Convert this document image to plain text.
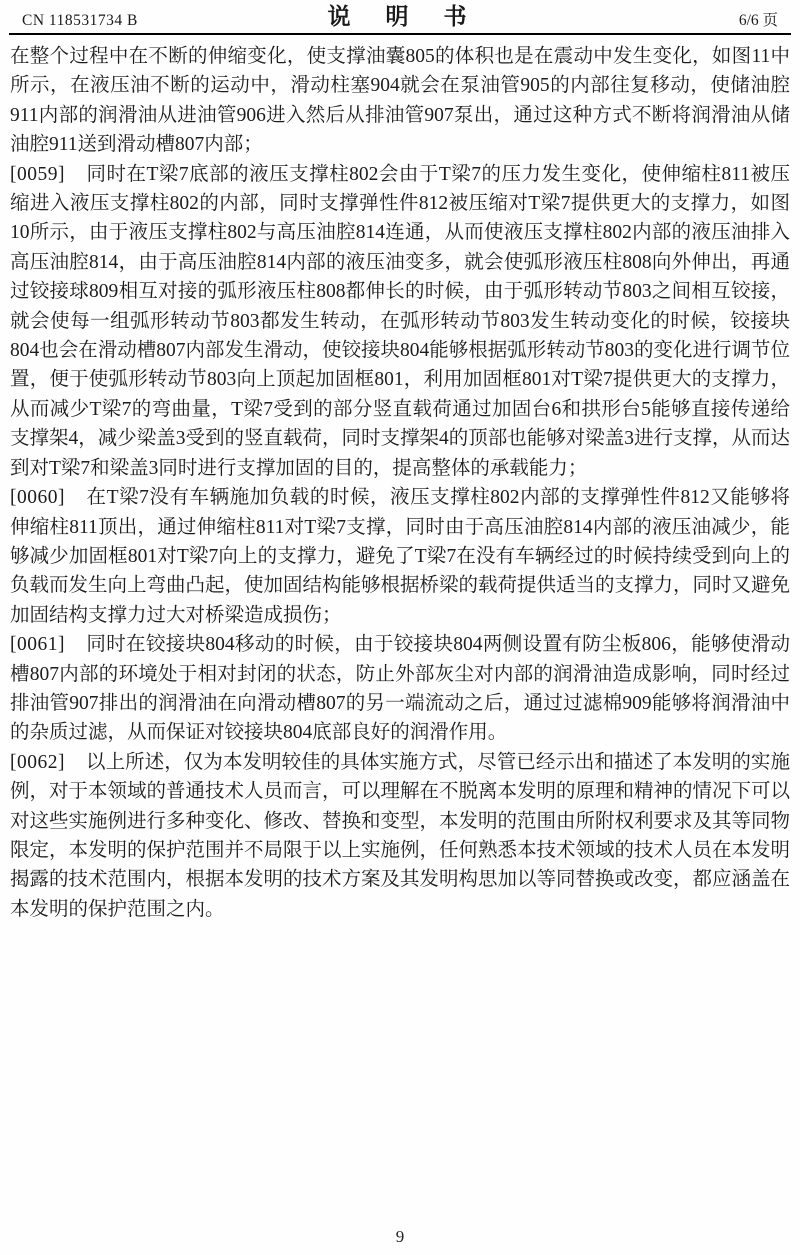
CN 118531734 B	说　明　书	6/6 页

在整个过程中在不断的伸缩变化，使支撑油囊805的体积也是在震动中发生变化，如图11中所示，在液压油不断的运动中，滑动柱塞904就会在泵油管905的内部往复移动，使储油腔911内部的润滑油从进油管906进入然后从排油管907泵出，通过这种方式不断将润滑油从储油腔911送到滑动槽807内部；

[0059] 同时在T梁7底部的液压支撑柱802会由于T梁7的压力发生变化，使伸缩柱811被压缩进入液压支撑柱802的内部，同时支撑弹性件812被压缩对T梁7提供更大的支撑力，如图10所示，由于液压支撑柱802与高压油腔814连通，从而使液压支撑柱802内部的液压油排入高压油腔814，由于高压油腔814内部的液压油变多，就会使弧形液压柱808向外伸出，再通过铰接球809相互对接的弧形液压柱808都伸长的时候，由于弧形转动节803之间相互铰接，就会使每一组弧形转动节803都发生转动，在弧形转动节803发生转动变化的时候，铰接块804也会在滑动槽807内部发生滑动，使铰接块804能够根据弧形转动节803的变化进行调节位置，便于使弧形转动节803向上顶起加固框801，利用加固框801对T梁7提供更大的支撑力，从而减少T梁7的弯曲量，T梁7受到的部分竖直载荷通过加固台6和拱形台5能够直接传递给支撑架4，减少梁盖3受到的竖直载荷，同时支撑架4的顶部也能够对梁盖3进行支撑，从而达到对T梁7和梁盖3同时进行支撑加固的目的，提高整体的承载能力；

[0060] 在T梁7没有车辆施加负载的时候，液压支撑柱802内部的支撑弹性件812又能够将伸缩柱811顶出，通过伸缩柱811对T梁7支撑，同时由于高压油腔814内部的液压油减少，能够减少加固框801对T梁7向上的支撑力，避免了T梁7在没有车辆经过的时候持续受到向上的负载而发生向上弯曲凸起，使加固结构能够根据桥梁的载荷提供适当的支撑力，同时又避免加固结构支撑力过大对桥梁造成损伤；

[0061] 同时在铰接块804移动的时候，由于铰接块804两侧设置有防尘板806，能够使滑动槽807内部的环境处于相对封闭的状态，防止外部灰尘对内部的润滑油造成影响，同时经过排油管907排出的润滑油在向滑动槽807的另一端流动之后，通过过滤棉909能够将润滑油中的杂质过滤，从而保证对铰接块804底部良好的润滑作用。

[0062] 以上所述，仅为本发明较佳的具体实施方式，尽管已经示出和描述了本发明的实施例，对于本领域的普通技术人员而言，可以理解在不脱离本发明的原理和精神的情况下可以对这些实施例进行多种变化、修改、替换和变型，本发明的范围由所附权利要求及其等同物限定，本发明的保护范围并不局限于以上实施例，任何熟悉本技术领域的技术人员在本发明揭露的技术范围内，根据本发明的技术方案及其发明构思加以等同替换或改变，都应涵盖在本发明的保护范围之内。

9
